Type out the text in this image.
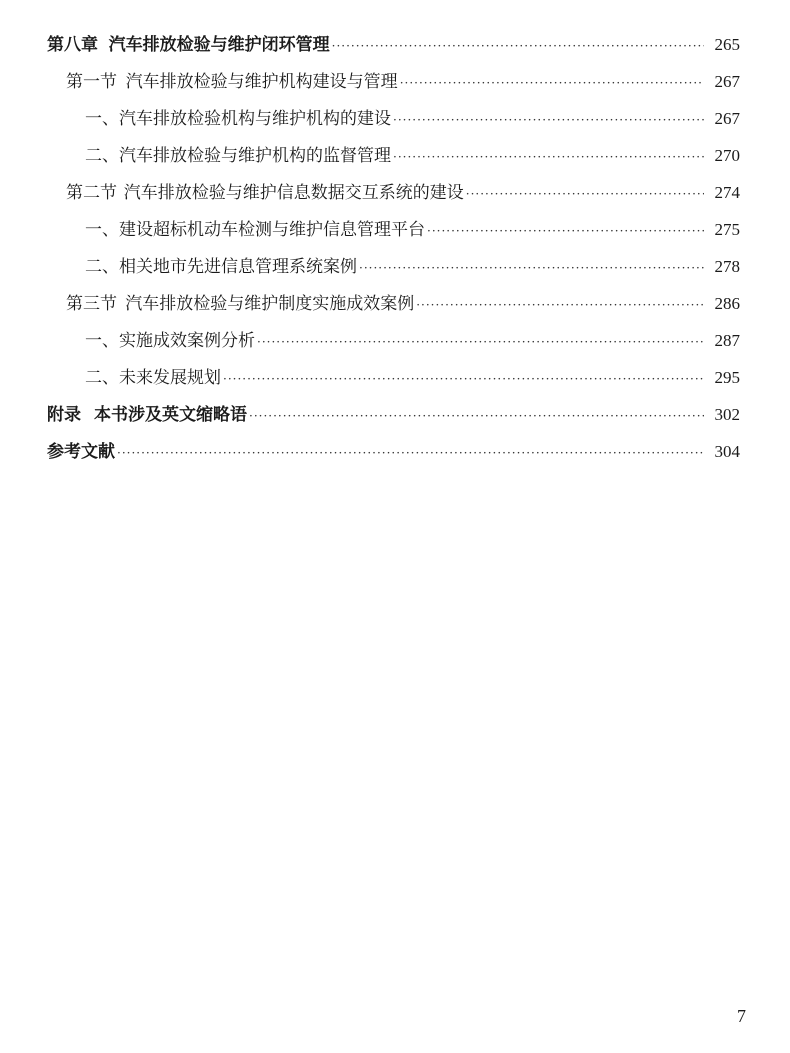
第八章 汽车排放检验与维护闭环管理 ·····	265
第一节 汽车排放检验与维护机构建设与管理 ·····	267
一、汽车排放检验机构与维护机构的建设 ·····	267
二、汽车排放检验与维护机构的监督管理 ·····	270
第二节 汽车排放检验与维护信息数据交互系统的建设 ·····	274
一、建设超标机动车检测与维护信息管理平台 ·····	275
二、相关地市先进信息管理系统案例 ·····	278
第三节 汽车排放检验与维护制度实施成效案例 ·····	286
一、实施成效案例分析 ·····	287
二、未来发展规划 ·····	295
附录 本书涉及英文缩略语 ·····	302
参考文献 ·····	304
7
